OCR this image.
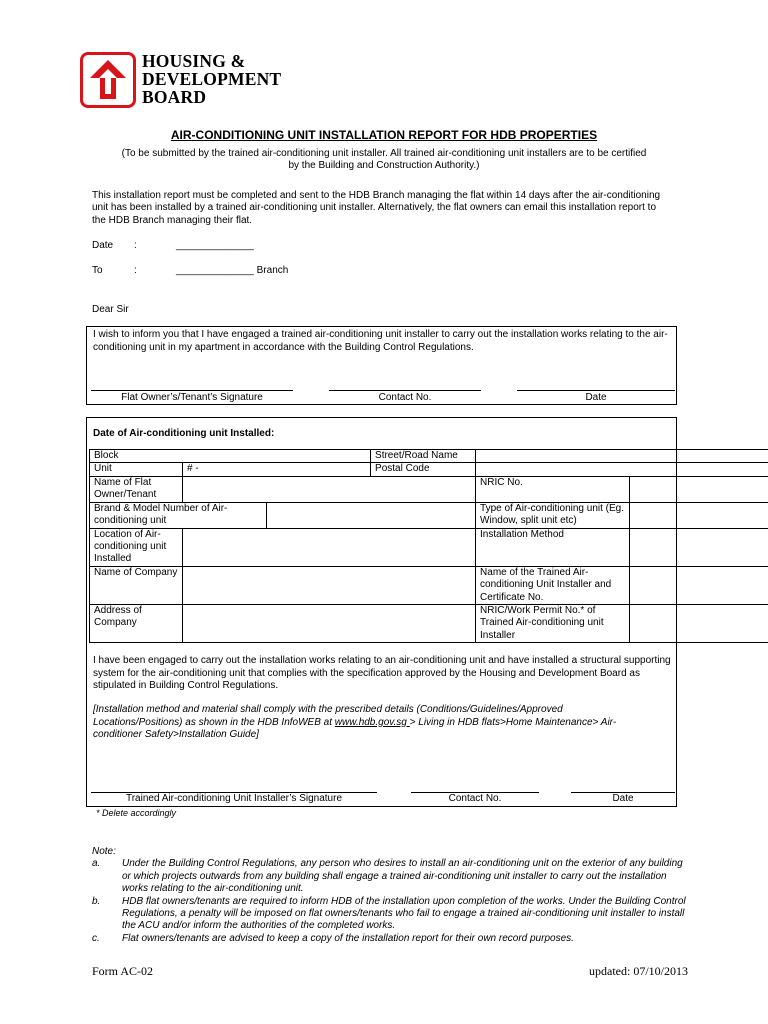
HOUSING &
DEVELOPMENT
BOARD
AIR-CONDITIONING UNIT INSTALLATION REPORT FOR HDB PROPERTIES
(To be submitted by the trained air-conditioning unit installer. All trained air-conditioning unit installers are to be certified by the Building and Construction Authority.)
This installation report must be completed and sent to the HDB Branch managing the flat within 14 days after the air-conditioning unit has been installed by a trained air-conditioning unit installer. Alternatively, the flat owners can email this installation report to the HDB Branch managing their flat.
Date :	______________
To	:	______________ Branch
Dear Sir
I wish to inform you that I have engaged a trained air-conditioning unit installer to carry out the installation works relating to the air-conditioning unit in my apartment in accordance with the Building Control Regulations.
Flat Owner’s/Tenant’s Signature	Contact No.	Date
Date of Air-conditioning unit Installed:
Block			Street/Road Name		
Unit	# -		Postal Code		
Name of Flat Owner/Tenant				NRIC No.	
Brand & Model Number of Air-conditioning unit				Type of Air-conditioning unit (Eg. Window, split unit etc)	
Location of Air-conditioning unit Installed				Installation Method	
Name of Company				Name of the Trained Air-conditioning Unit Installer and Certificate No.	
Address of Company				NRIC/Work Permit No.* of Trained Air-conditioning unit Installer	
I have been engaged to carry out the installation works relating to an air-conditioning unit and have installed a structural supporting system for the air-conditioning unit that complies with the specification approved by the Housing and Development Board as stipulated in Building Control Regulations.
[Installation method and material shall comply with the prescribed details (Conditions/Guidelines/Approved Locations/Positions) as shown in the HDB InfoWEB at www.hdb.gov.sg > Living in HDB flats>Home Maintenance> Air-conditioner Safety>Installation Guide]
Trained Air-conditioning Unit Installer’s Signature	Contact No.	Date
* Delete accordingly
Note:
a. Under the Building Control Regulations, any person who desires to install an air-conditioning unit on the exterior of any building or which projects outwards from any building shall engage a trained air-conditioning unit installer to carry out the installation works relating to the air-conditioning unit.
b. HDB flat owners/tenants are required to inform HDB of the installation upon completion of the works. Under the Building Control Regulations, a penalty will be imposed on flat owners/tenants who fail to engage a trained air-conditioning unit installer to install the ACU and/or inform the authorities of the completed works.
c. Flat owners/tenants are advised to keep a copy of the installation report for their own record purposes.
Form AC-02	updated: 07/10/2013
